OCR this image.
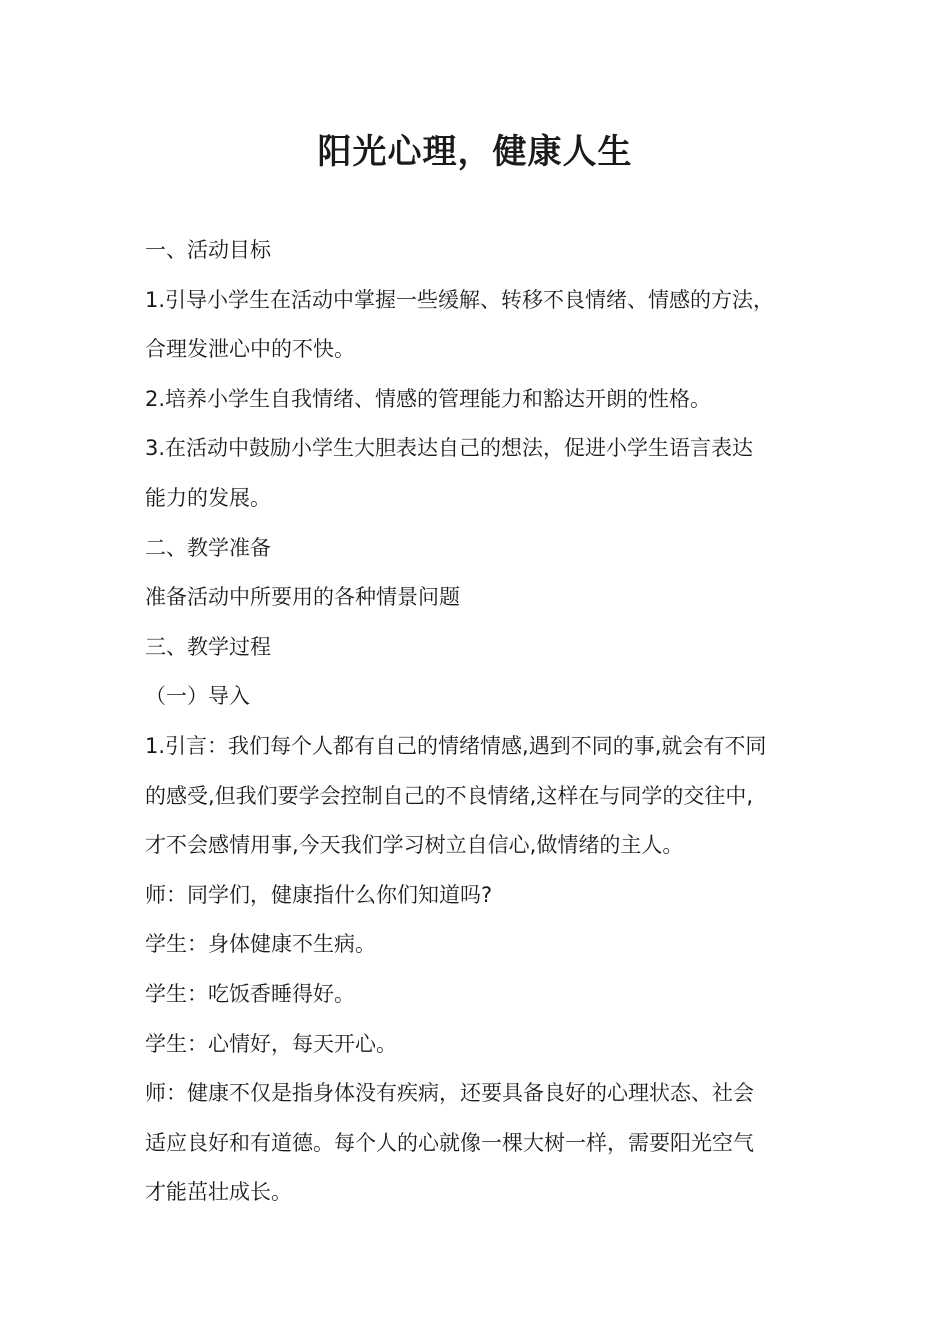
阳光心理，健康人生

一、活动目标

1.引导小学生在活动中掌握一些缓解、转移不良情绪、情感的方法，

合理发泄心中的不快。

2.培养小学生自我情绪、情感的管理能力和豁达开朗的性格。

3.在活动中鼓励小学生大胆表达自己的想法，促进小学生语言表达

能力的发展。

二、教学准备

准备活动中所要用的各种情景问题

三、教学过程

（一）导入

1.引言：我们每个人都有自己的情绪情感,遇到不同的事,就会有不同

的感受,但我们要学会控制自己的不良情绪,这样在与同学的交往中,

才不会感情用事,今天我们学习树立自信心,做情绪的主人。

师：同学们，健康指什么你们知道吗?

学生：身体健康不生病。

学生：吃饭香睡得好。

学生：心情好，每天开心。

师：健康不仅是指身体没有疾病，还要具备良好的心理状态、社会

适应良好和有道德。每个人的心就像一棵大树一样，需要阳光空气

才能茁壮成长。
